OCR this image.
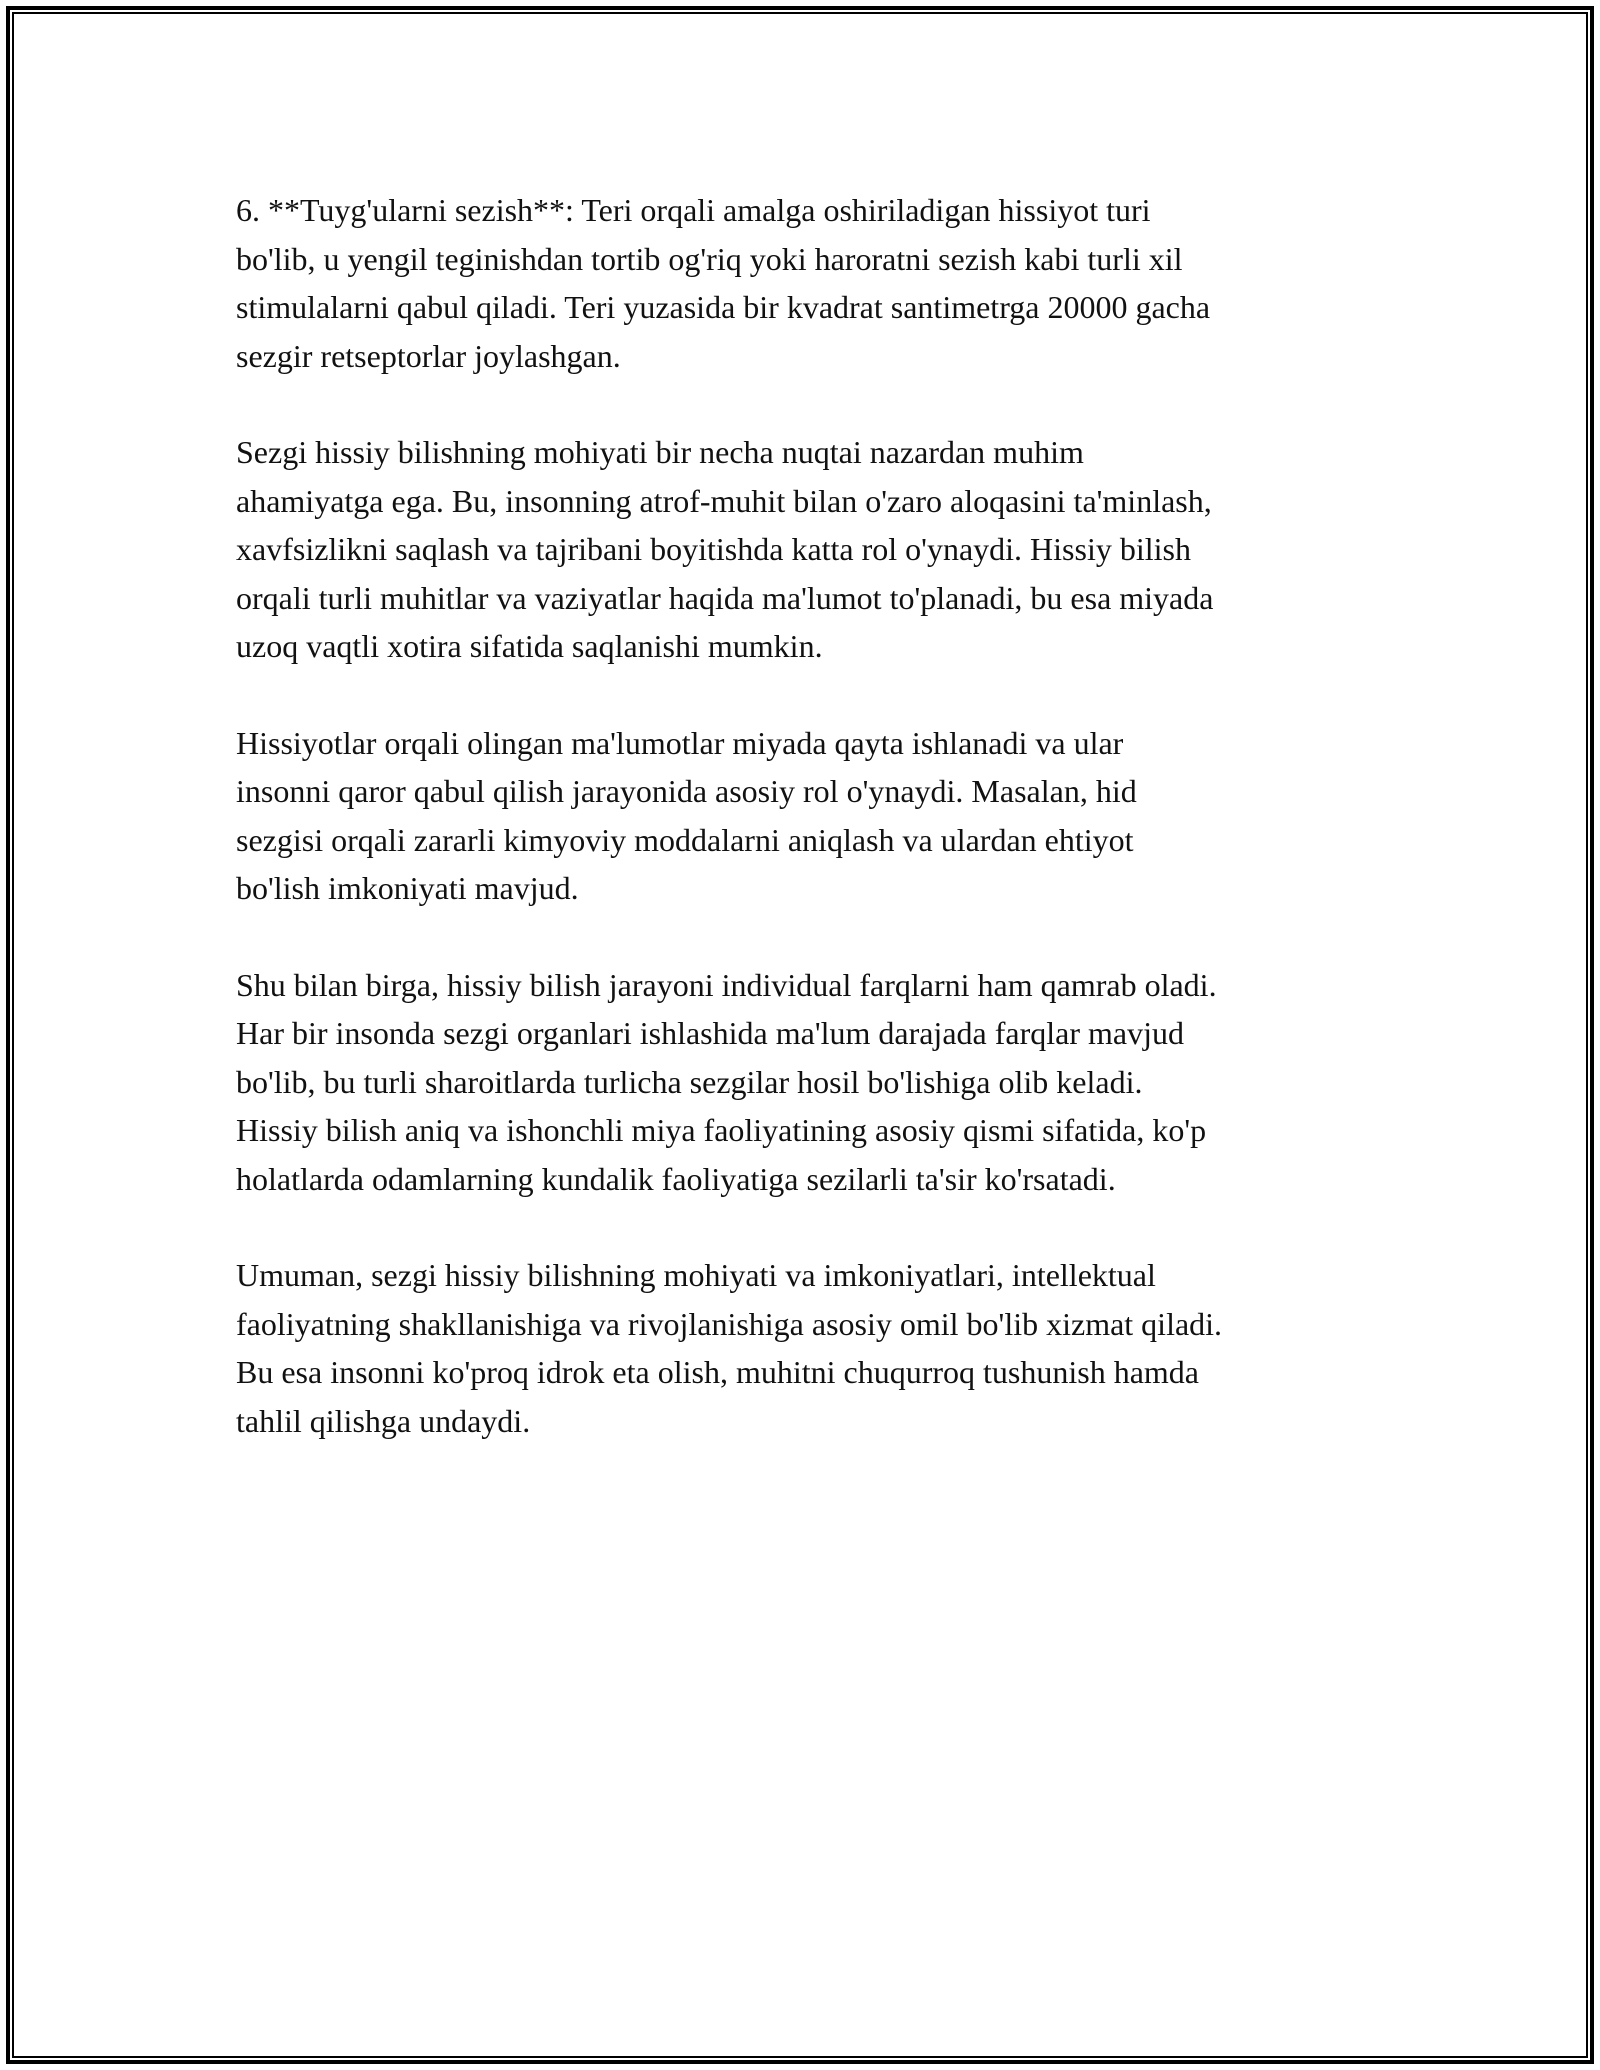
6. **Tuyg'ularni sezish**: Teri orqali amalga oshiriladigan hissiyot turi
bo'lib, u yengil teginishdan tortib og'riq yoki haroratni sezish kabi turli xil
stimulalarni qabul qiladi. Teri yuzasida bir kvadrat santimetrga 20000 gacha
sezgir retseptorlar joylashgan.

Sezgi hissiy bilishning mohiyati bir necha nuqtai nazardan muhim
ahamiyatga ega. Bu, insonning atrof-muhit bilan o'zaro aloqasini ta'minlash,
xavfsizlikni saqlash va tajribani boyitishda katta rol o'ynaydi. Hissiy bilish
orqali turli muhitlar va vaziyatlar haqida ma'lumot to'planadi, bu esa miyada
uzoq vaqtli xotira sifatida saqlanishi mumkin.

Hissiyotlar orqali olingan ma'lumotlar miyada qayta ishlanadi va ular
insonni qaror qabul qilish jarayonida asosiy rol o'ynaydi. Masalan, hid
sezgisi orqali zararli kimyoviy moddalarni aniqlash va ulardan ehtiyot
bo'lish imkoniyati mavjud.

Shu bilan birga, hissiy bilish jarayoni individual farqlarni ham qamrab oladi.
Har bir insonda sezgi organlari ishlashida ma'lum darajada farqlar mavjud
bo'lib, bu turli sharoitlarda turlicha sezgilar hosil bo'lishiga olib keladi.
Hissiy bilish aniq va ishonchli miya faoliyatining asosiy qismi sifatida, ko'p
holatlarda odamlarning kundalik faoliyatiga sezilarli ta'sir ko'rsatadi.

Umuman, sezgi hissiy bilishning mohiyati va imkoniyatlari, intellektual
faoliyatning shakllanishiga va rivojlanishiga asosiy omil bo'lib xizmat qiladi.
Bu esa insonni ko'proq idrok eta olish, muhitni chuqurroq tushunish hamda
tahlil qilishga undaydi.
